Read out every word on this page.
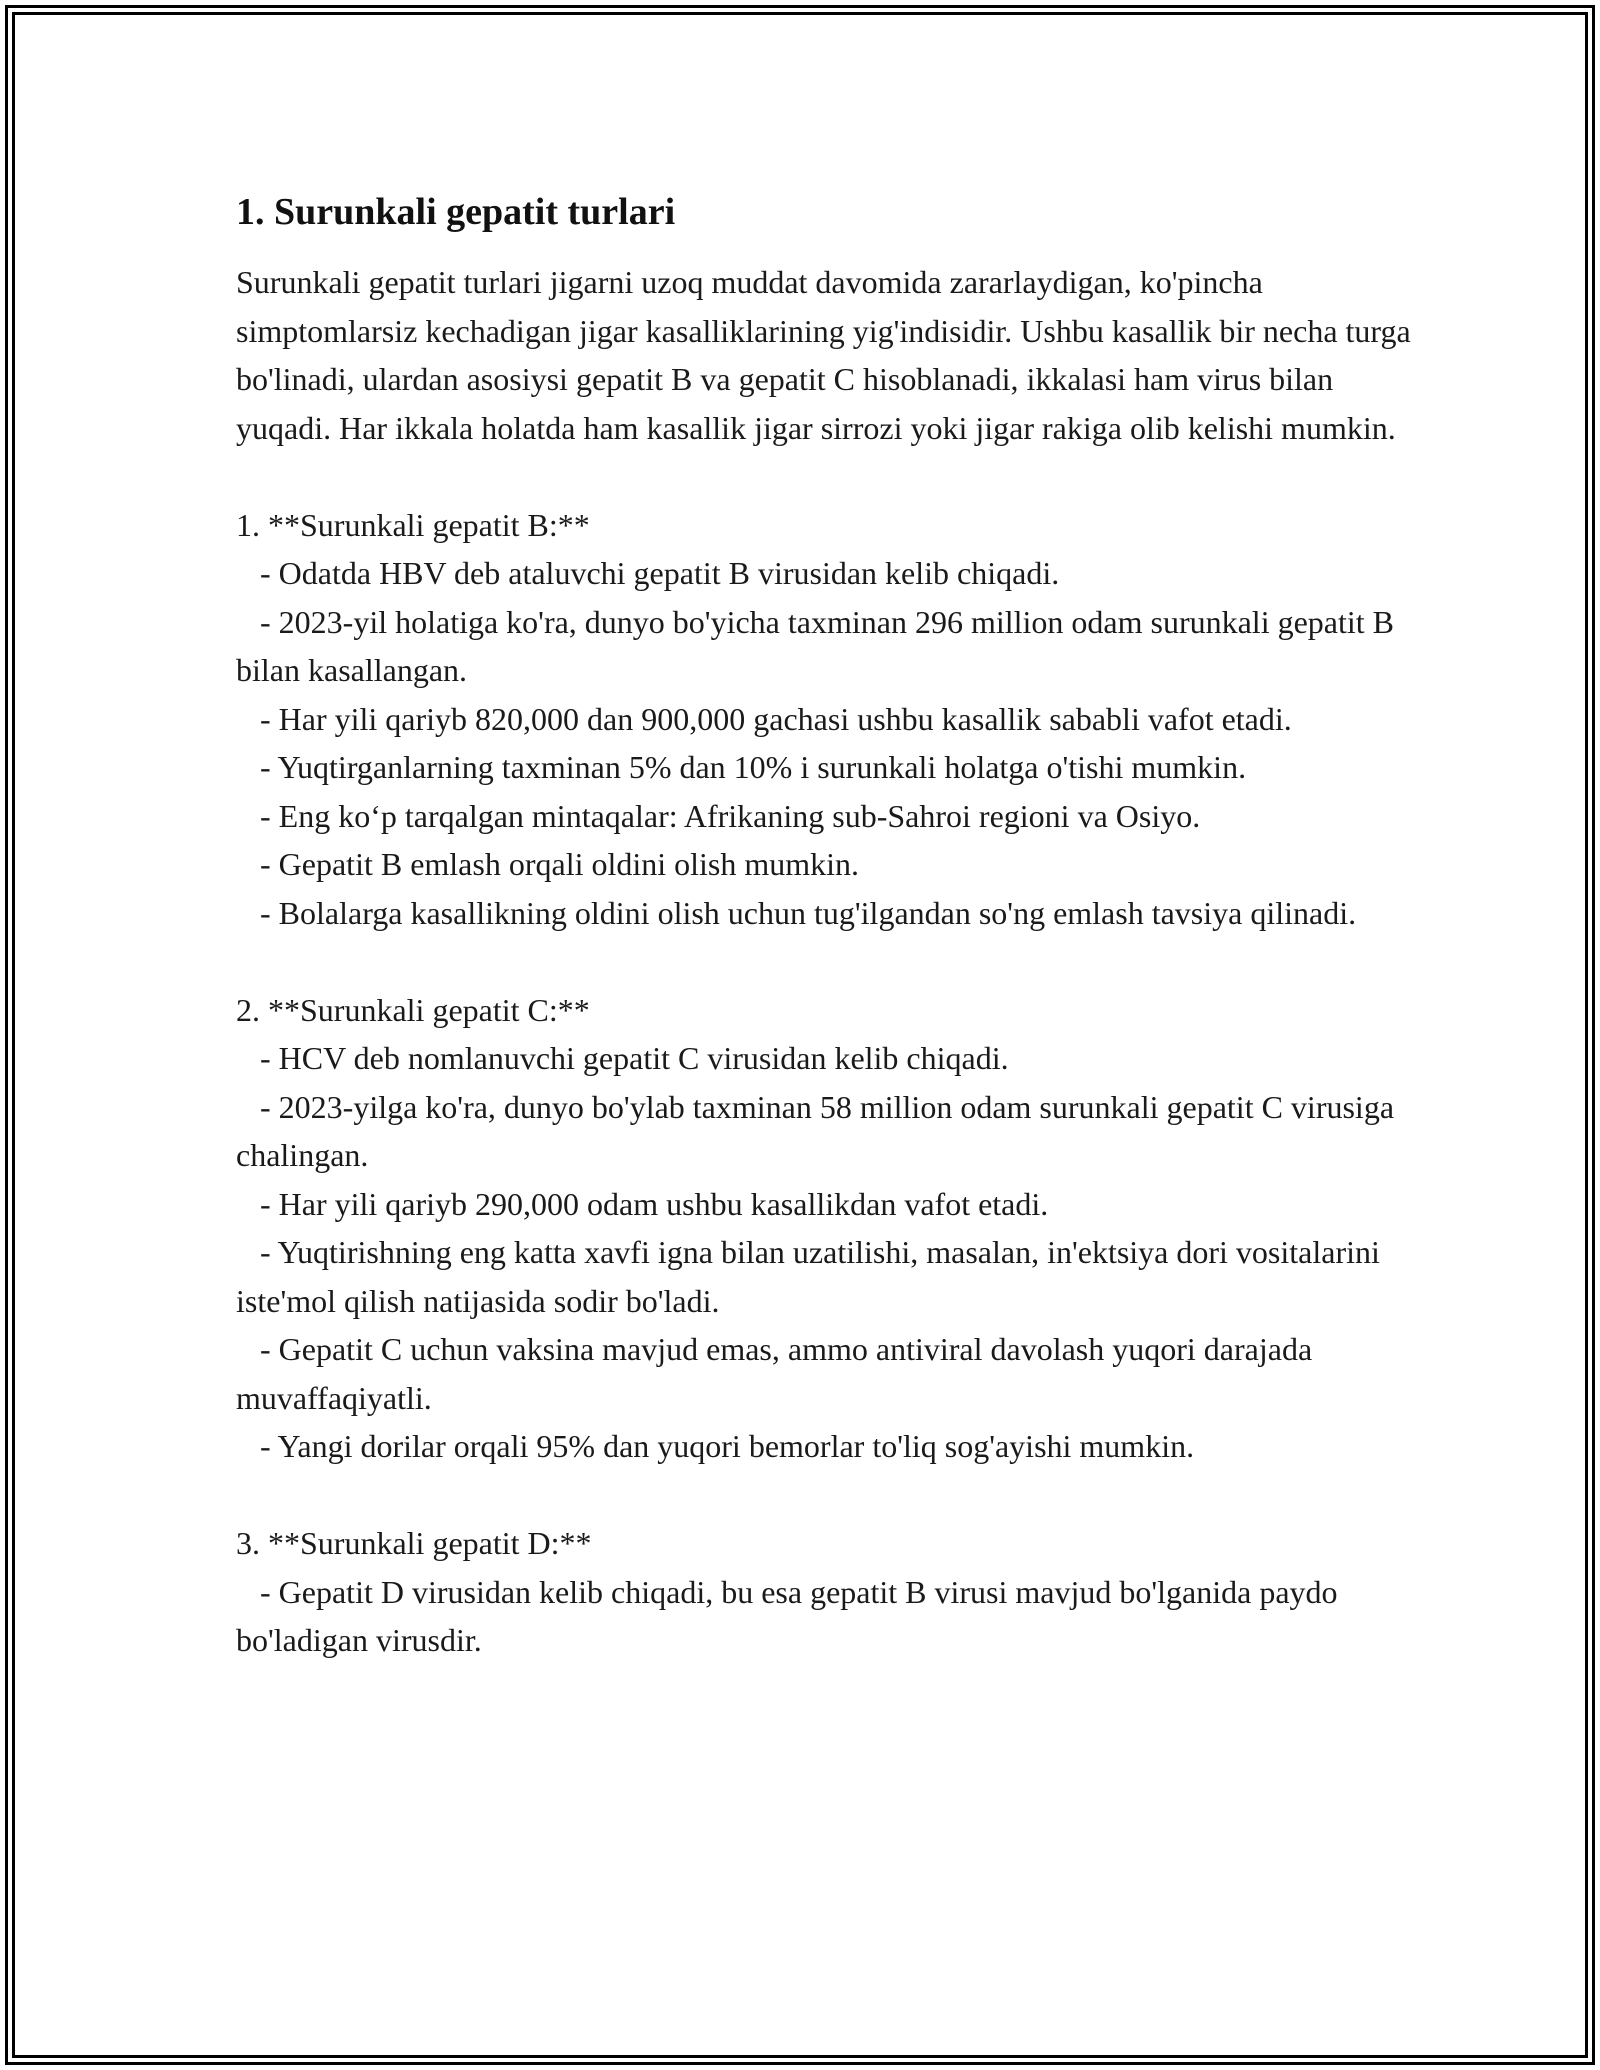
1. Surunkali gepatit turlari

Surunkali gepatit turlari jigarni uzoq muddat davomida zararlaydigan, ko'pincha simptomlarsiz kechadigan jigar kasalliklarining yig'indisidir. Ushbu kasallik bir necha turga bo'linadi, ulardan asosiysi gepatit B va gepatit C hisoblanadi, ikkalasi ham virus bilan yuqadi. Har ikkala holatda ham kasallik jigar sirrozi yoki jigar rakiga olib kelishi mumkin.

1. **Surunkali gepatit B:**
- Odatda HBV deb ataluvchi gepatit B virusidan kelib chiqadi.
- 2023-yil holatiga ko'ra, dunyo bo'yicha taxminan 296 million odam surunkali gepatit B bilan kasallangan.
- Har yili qariyb 820,000 dan 900,000 gachasi ushbu kasallik sababli vafot etadi.
- Yuqtirganlarning taxminan 5% dan 10% i surunkali holatga o'tishi mumkin.
- Eng koʻp tarqalgan mintaqalar: Afrikaning sub-Sahroi regioni va Osiyo.
- Gepatit B emlash orqali oldini olish mumkin.
- Bolalarga kasallikning oldini olish uchun tug'ilgandan so'ng emlash tavsiya qilinadi.
2. **Surunkali gepatit C:**
- HCV deb nomlanuvchi gepatit C virusidan kelib chiqadi.
- 2023-yilga ko'ra, dunyo bo'ylab taxminan 58 million odam surunkali gepatit C virusiga chalingan.
- Har yili qariyb 290,000 odam ushbu kasallikdan vafot etadi.
- Yuqtirishning eng katta xavfi igna bilan uzatilishi, masalan, in'ektsiya dori vositalarini iste'mol qilish natijasida sodir bo'ladi.
- Gepatit C uchun vaksina mavjud emas, ammo antiviral davolash yuqori darajada muvaffaqiyatli.
- Yangi dorilar orqali 95% dan yuqori bemorlar to'liq sog'ayishi mumkin.
3. **Surunkali gepatit D:**
- Gepatit D virusidan kelib chiqadi, bu esa gepatit B virusi mavjud bo'lganida paydo bo'ladigan virusdir.
